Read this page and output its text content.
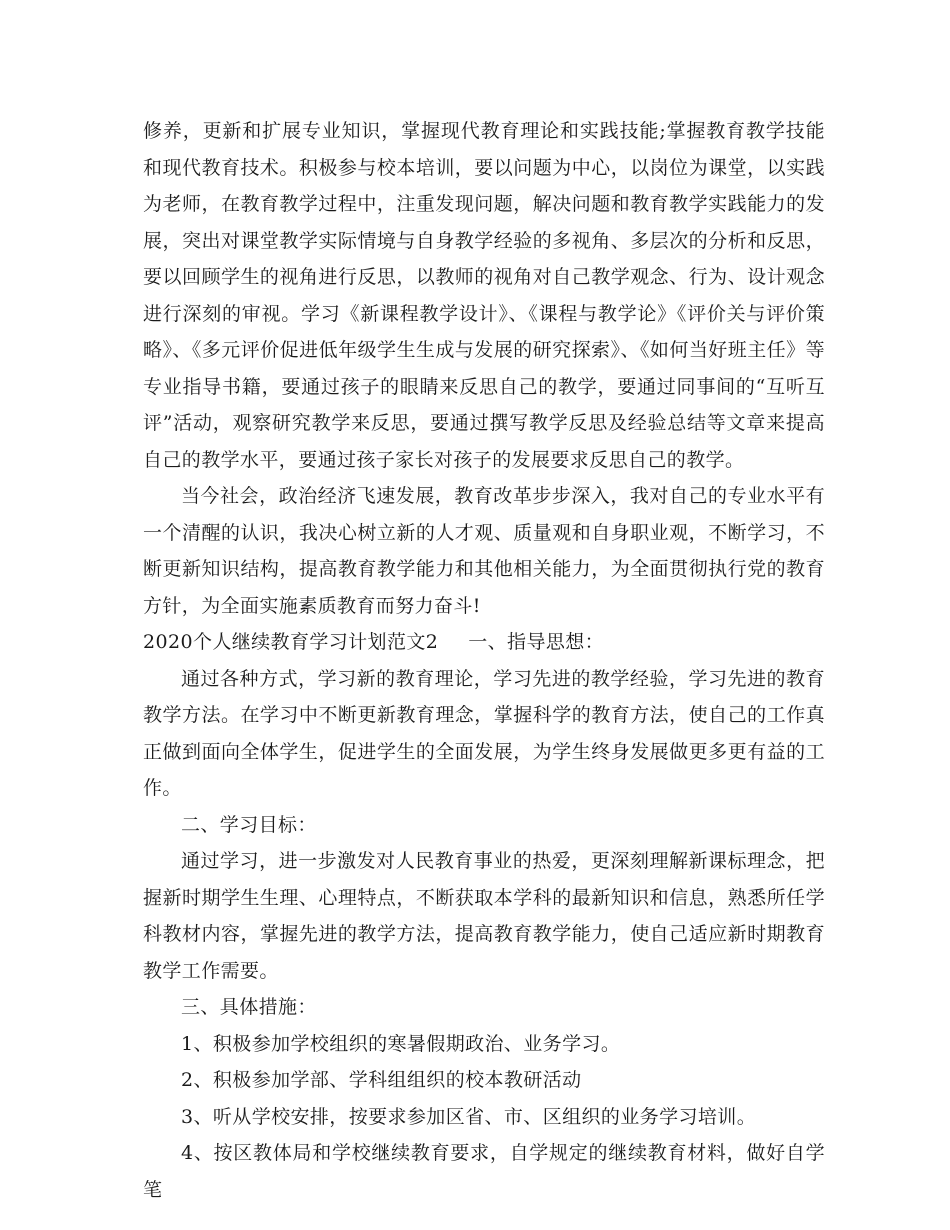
修养，更新和扩展专业知识，掌握现代教育理论和实践技能;掌握教育教学技能和现代教育技术。积极参与校本培训，要以问题为中心，以岗位为课堂，以实践为老师，在教育教学过程中，注重发现问题，解决问题和教育教学实践能力的发展，突出对课堂教学实际情境与自身教学经验的多视角、多层次的分析和反思，要以回顾学生的视角进行反思，以教师的视角对自己教学观念、行为、设计观念进行深刻的审视。学习《新课程教学设计》、《课程与教学论》《评价关与评价策略》、《多元评价促进低年级学生生成与发展的研究探索》、《如何当好班主任》等专业指导书籍，要通过孩子的眼睛来反思自己的教学，要通过同事间的“互听互评”活动，观察研究教学来反思，要通过撰写教学反思及经验总结等文章来提高自己的教学水平，要通过孩子家长对孩子的发展要求反思自己的教学。

当今社会，政治经济飞速发展，教育改革步步深入，我对自己的专业水平有一个清醒的认识，我决心树立新的人才观、质量观和自身职业观，不断学习，不断更新知识结构，提高教育教学能力和其他相关能力，为全面贯彻执行党的教育方针，为全面实施素质教育而努力奋斗!

2020个人继续教育学习计划范文2 一、指导思想：

通过各种方式，学习新的教育理论，学习先进的教学经验，学习先进的教育教学方法。在学习中不断更新教育理念，掌握科学的教育方法，使自己的工作真正做到面向全体学生，促进学生的全面发展，为学生终身发展做更多更有益的工作。

二、学习目标：

通过学习，进一步激发对人民教育事业的热爱，更深刻理解新课标理念，把握新时期学生生理、心理特点，不断获取本学科的最新知识和信息，熟悉所任学科教材内容，掌握先进的教学方法，提高教育教学能力，使自己适应新时期教育教学工作需要。

三、具体措施：

1、积极参加学校组织的寒暑假期政治、业务学习。

2、积极参加学部、学科组组织的校本教研活动

3、听从学校安排，按要求参加区省、市、区组织的业务学习培训。

4、按区教体局和学校继续教育要求，自学规定的继续教育材料，做好自学笔
